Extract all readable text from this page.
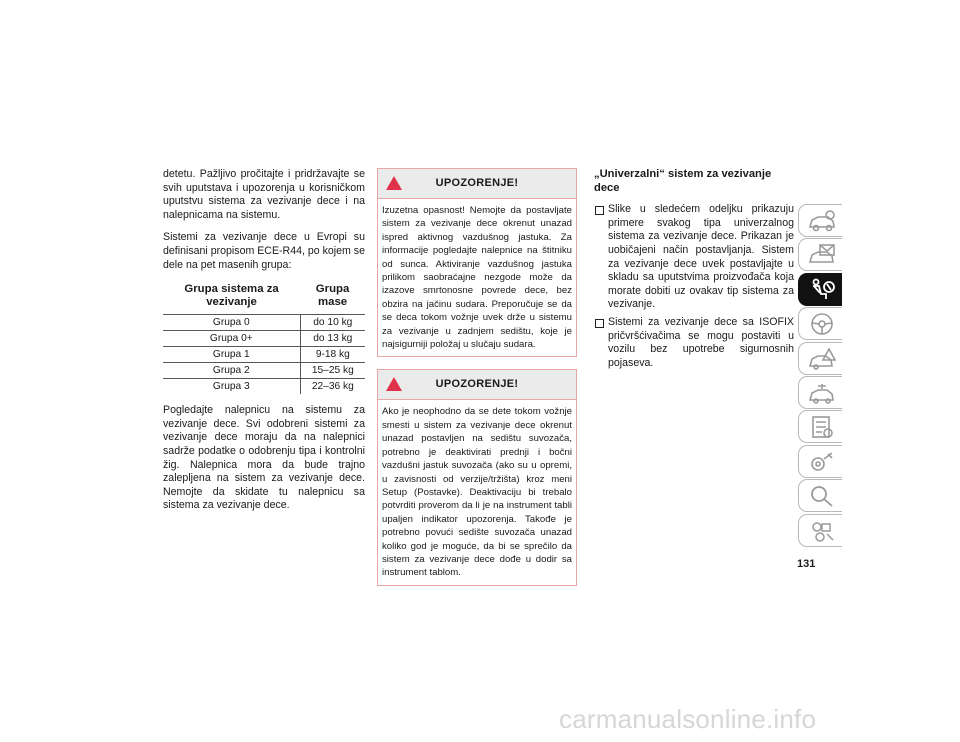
detetu. Pažljivo pročitajte i pridržavajte se svih uputstava i upozorenja u korisničkom uputstvu sistema za vezivanje dece i na nalepnicama na sistemu.

Sistemi za vezivanje dece u Evropi su definisani propisom ECE-R44, po kojem se dele na pet masenih grupa:

Grupa sistema za vezivanje	Grupa mase
Grupa 0	do 10 kg
Grupa 0+	do 13 kg
Grupa 1	9-18 kg
Grupa 2	15–25 kg
Grupa 3	22–36 kg

Pogledajte nalepnicu na sistemu za vezivanje dece. Svi odobreni sistemi za vezivanje dece moraju da na nalepnici sadrže podatke o odobrenju tipa i kontrolni žig. Nalepnica mora da bude trajno zalepljena na sistem za vezivanje dece. Nemojte da skidate tu nalepnicu sa sistema za vezivanje dece.

UPOZORENJE!
Izuzetna opasnost! Nemojte da postavljate sistem za vezivanje dece okrenut unazad ispred aktivnog vazdušnog jastuka. Za informacije pogledajte nalepnice na štitniku od sunca. Aktiviranje vazdušnog jastuka prilikom saobraćajne nezgode može da izazove smrtonosne povrede dece, bez obzira na jačinu sudara. Preporučuje se da se deca tokom vožnje uvek drže u sistemu za vezivanje u zadnjem sedištu, koje je najsigurniji položaj u slučaju sudara.
UPOZORENJE!
Ako je neophodno da se dete tokom vožnje smesti u sistem za vezivanje dece okrenut unazad postavljen na sedištu suvozača, potrebno je deaktivirati prednji i bočni vazdušni jastuk suvozača (ako su u opremi, u zavisnosti od verzije/tržišta) kroz meni Setup (Postavke). Deaktivaciju bi trebalo potvrditi proverom da li je na instrument tabli upaljen indikator upozorenja. Takođe je potrebno povući sedište suvozača unazad koliko god je moguće, da bi se sprečilo da sistem za vezivanje dece dođe u dodir sa instrument tablom.
„Univerzalni“ sistem za vezivanje dece
Slike u sledećem odeljku prikazuju primere svakog tipa univerzalnog sistema za vezivanje dece. Prikazan je uobičajeni način postavljanja. Sistem za vezivanje dece uvek postavljajte u skladu sa uputstvima proizvođača koja morate dobiti uz ovakav tip sistema za vezivanje.
Sistemi za vezivanje dece sa ISOFIX pričvršćivačima se mogu postaviti u vozilu bez upotrebe sigurnosnih pojaseva.
131
carmanualsonline.info
